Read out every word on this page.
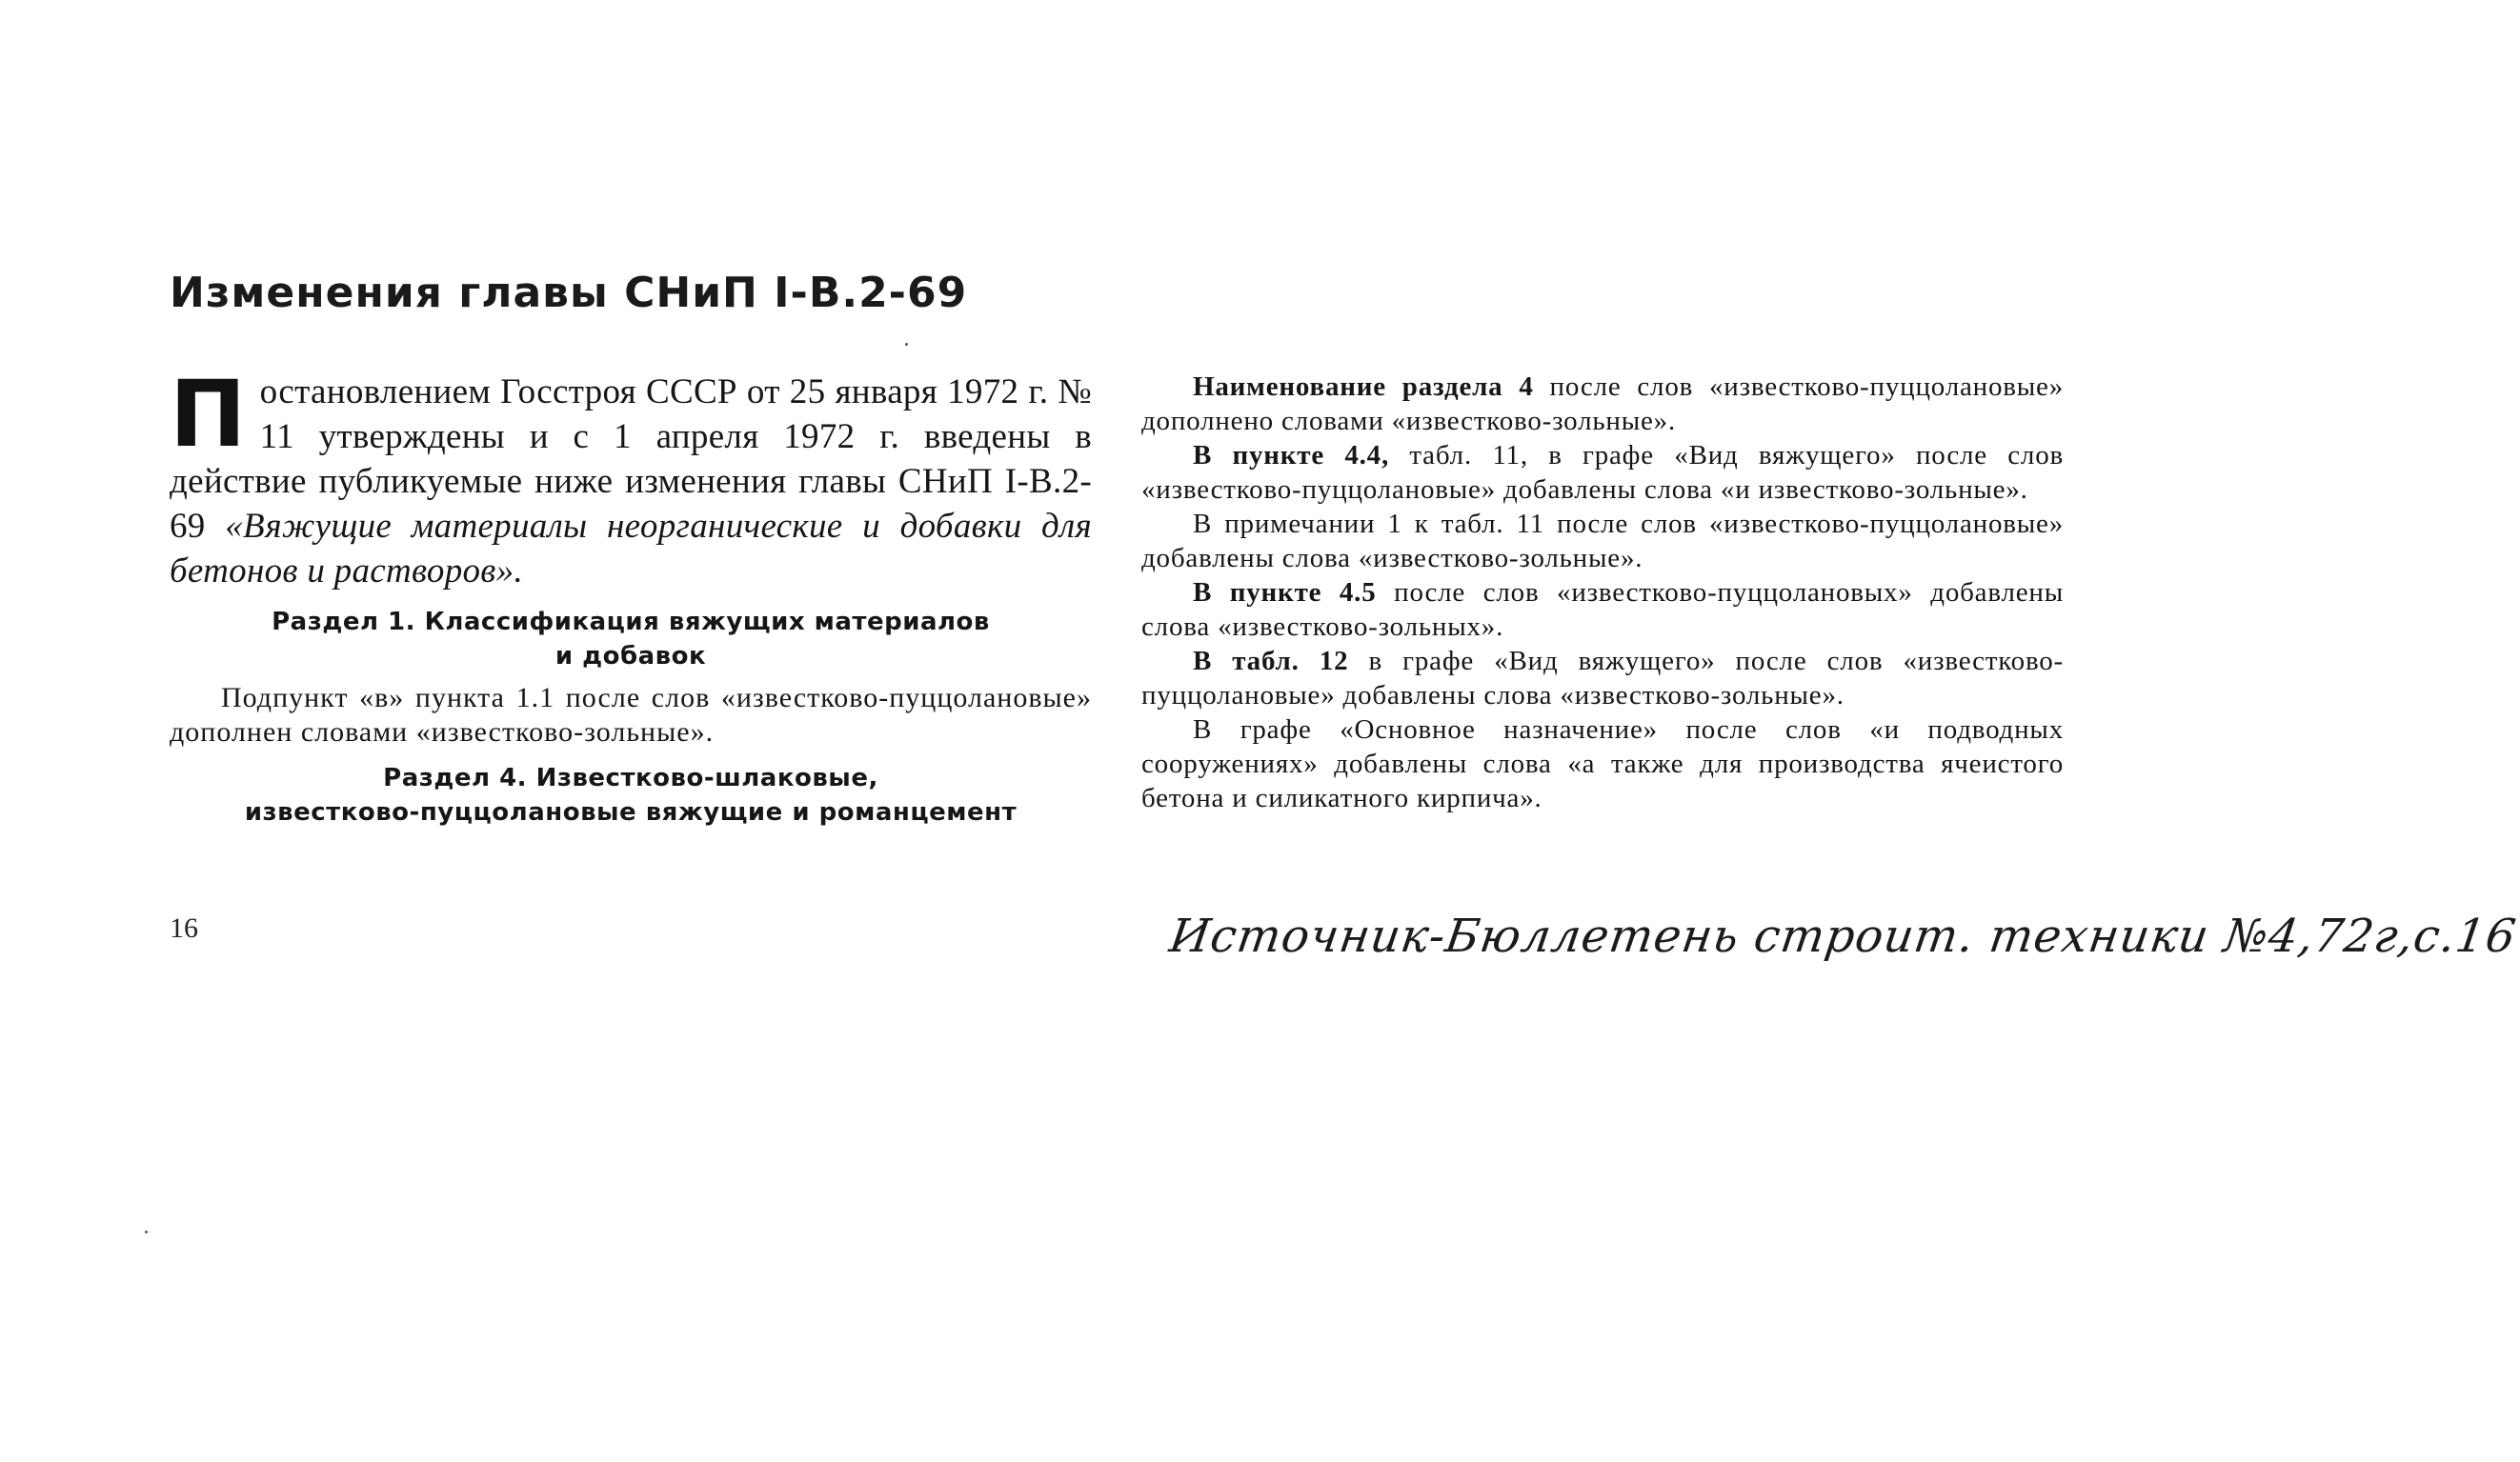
Изменения главы СНиП I-В.2-69

Постановлением Госстроя СССР от 25 января 1972 г. № 11 утверждены и с 1 апреля 1972 г. введены в действие публикуемые ниже изменения главы СНиП I-В.2-69 «Вяжущие материалы неорганические и добавки для бетонов и растворов».

Раздел 1. Классификация вяжущих материалов
и добавок

Подпункт «в» пункта 1.1 после слов «известково-пуццолановые» дополнен словами «известково-зольные».

Раздел 4. Известково-шлаковые,
известково-пуццолановые вяжущие и романцемент

Наименование раздела 4 после слов «известково-пуццолановые» дополнено словами «известково-зольные».

В пункте 4.4, табл. 11, в графе «Вид вяжущего» после слов «известково-пуццолановые» добавлены слова «и известково-зольные».

В примечании 1 к табл. 11 после слов «известково-пуццолановые» добавлены слова «известково-зольные».

В пункте 4.5 после слов «известково-пуццолановых» добавлены слова «известково-зольных».

В табл. 12 в графе «Вид вяжущего» после слов «известково-пуццолановые» добавлены слова «известково-зольные».

В графе «Основное назначение» после слов «и подводных сооружениях» добавлены слова «а также для производства ячеистого бетона и силикатного кирпича».

16	Источник-Бюллетень строит. техники №4,72г,с.16
